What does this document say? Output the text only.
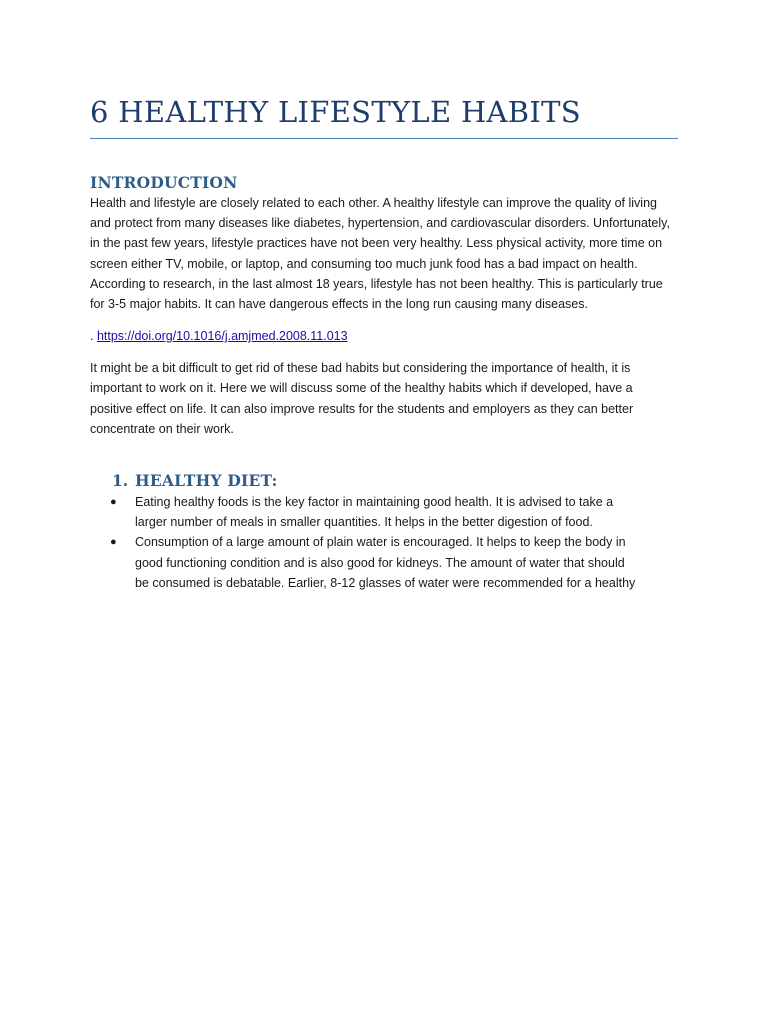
6 HEALTHY LIFESTYLE HABITS
INTRODUCTION

Health and lifestyle are closely related to each other. A healthy lifestyle can improve the quality of living and protect from many diseases like diabetes, hypertension, and cardiovascular disorders. Unfortunately, in the past few years, lifestyle practices have not been very healthy. Less physical activity, more time on screen either TV, mobile, or laptop, and consuming too much junk food has a bad impact on health. According to research, in the last almost 18 years, lifestyle has not been healthy. This is particularly true for 3-5 major habits. It can have dangerous effects in the long run causing many diseases.

. https://doi.org/10.1016/j.amjmed.2008.11.013

It might be a bit difficult to get rid of these bad habits but considering the importance of health, it is important to work on it. Here we will discuss some of the healthy habits which if developed, have a positive effect on life. It can also improve results for the students and employers as they can better concentrate on their work.

1. HEALTHY DIET:
●	Eating healthy foods is the key factor in maintaining good health. It is advised to take a larger number of meals in smaller quantities. It helps in the better digestion of food.
●	Consumption of a large amount of plain water is encouraged. It helps to keep the body in good functioning condition and is also good for kidneys. The amount of water that should be consumed is debatable. Earlier, 8-12 glasses of water were recommended for a healthy
